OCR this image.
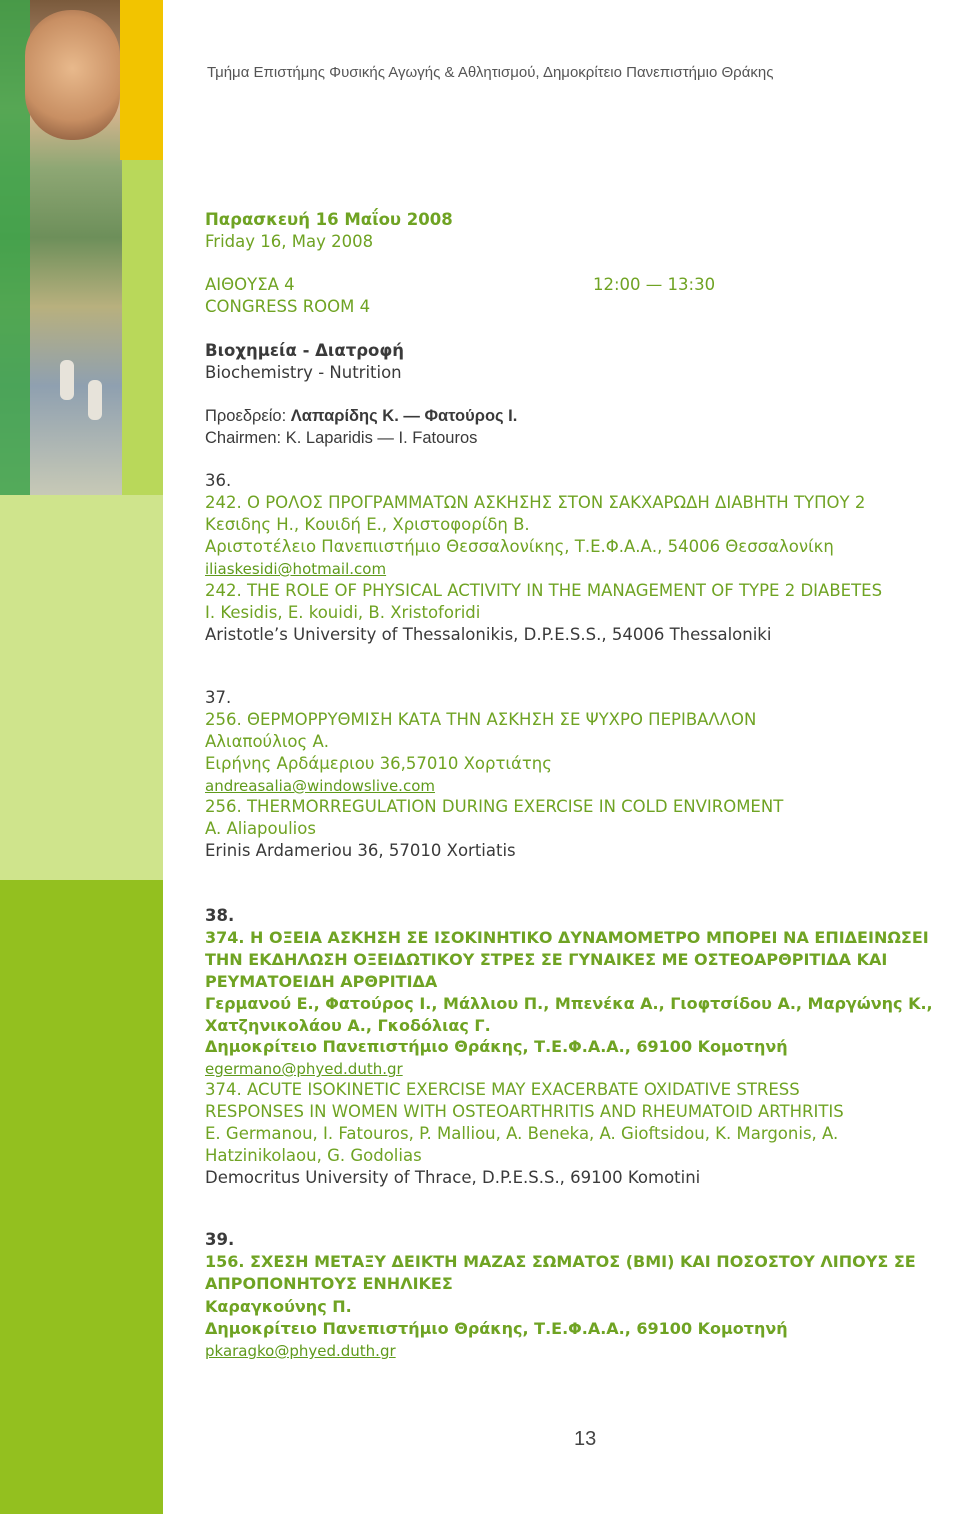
Τμήμα Επιστήμης Φυσικής Αγωγής & Αθλητισμού, Δημοκρίτειο Πανεπιστήμιο Θράκης
Παρασκευή 16 Μαΐου 2008
Friday 16, May 2008
ΑΙΘΟΥΣΑ 4	12:00 — 13:30
CONGRESS ROOM 4
Βιοχημεία - Διατροφή
Biochemistry - Nutrition
Προεδρείο: Λαπαρίδης Κ. — Φατούρος Ι.
Chairmen: K. Laparidis — I. Fatouros
36.
242. Ο ΡΟΛΟΣ ΠΡΟΓΡΑΜΜΑΤΩΝ ΑΣΚΗΣΗΣ ΣΤΟΝ ΣΑΚΧΑΡΩΔΗ ΔΙΑΒΗΤΗ ΤΥΠΟΥ 2
Κεσιδης Η., Κουιδή Ε., Χριστοφορίδη Β.
Αριστοτέλειο Πανεπιιστήμιο Θεσσαλονίκης, Τ.Ε.Φ.Α.Α., 54006 Θεσσαλονίκη
iliaskesidi@hotmail.com
242. THE ROLE OF PHYSICAL ACTIVITY IN THE MANAGEMENT OF TYPE 2 DIABETES
I. Kesidis, E. kouidi, B. Xristoforidi
Aristotle’s University of Thessalonikis, D.P.E.S.S., 54006 Thessaloniki
37.
256. ΘΕΡΜΟΡΡΥΘΜΙΣΗ ΚΑΤΑ ΤΗΝ ΑΣΚΗΣΗ ΣΕ ΨΥΧΡΟ ΠΕΡΙΒΑΛΛΟΝ
Αλιαπούλιος Α.
Ειρήνης Αρδάμεριου 36,57010 Χορτιάτης
andreasalia@windowslive.com
256. THERMORREGULATION DURING EXERCISE IN COLD ENVIROMENT
A. Aliapoulios
Erinis Ardameriou 36, 57010 Xortiatis
38.
374. Η ΟΞΕΙΑ ΑΣΚΗΣΗ ΣΕ ΙΣΟΚΙΝΗΤΙΚΟ ΔΥΝΑΜΟΜΕΤΡΟ ΜΠΟΡΕΙ ΝΑ ΕΠΙΔΕΙΝΩΣΕΙ
ΤΗΝ ΕΚΔΗΛΩΣΗ ΟΞΕΙΔΩΤΙΚΟΥ ΣΤΡΕΣ ΣΕ ΓΥΝΑΙΚΕΣ ΜΕ ΟΣΤΕΟΑΡΘΡΙΤΙΔΑ ΚΑΙ
ΡΕΥΜΑΤΟΕΙΔΗ ΑΡΘΡΙΤΙΔΑ
Γερμανού Ε., Φατούρος Ι., Μάλλιου Π., Μπενέκα Α., Γιοφτσίδου Α., Μαργώνης Κ.,
Χατζηνικολάου Α., Γκοδόλιας Γ.
Δημοκρίτειο Πανεπιστήμιο Θράκης, Τ.Ε.Φ.Α.Α., 69100 Κομοτηνή
egermano@phyed.duth.gr
374. ACUTE ISOKINETIC EXERCISE MAY EXACERBATE OXIDATIVE STRESS
RESPONSES IN WOMEN WITH OSTEOARTHRITIS AND RHEUMATOID ARTHRITIS
E. Germanou, I. Fatouros, P. Malliou, A. Beneka, A. Gioftsidou, K. Margonis, A.
Hatzinikolaou, G. Godolias
Democritus University of Thrace, D.P.E.S.S., 69100 Komotini
39.
156. ΣΧΕΣΗ ΜΕΤΑΞΥ ΔΕΙΚΤΗ ΜΑΖΑΣ ΣΩΜΑΤΟΣ (ΒΜΙ) ΚΑΙ ΠΟΣΟΣΤΟΥ ΛΙΠΟΥΣ ΣΕ
ΑΠΡΟΠΟΝΗΤΟΥΣ ΕΝΗΛΙΚΕΣ
Καραγκούνης Π.
Δημοκρίτειο Πανεπιστήμιο Θράκης, Τ.Ε.Φ.Α.Α., 69100 Κομοτηνή
pkaragko@phyed.duth.gr
13
